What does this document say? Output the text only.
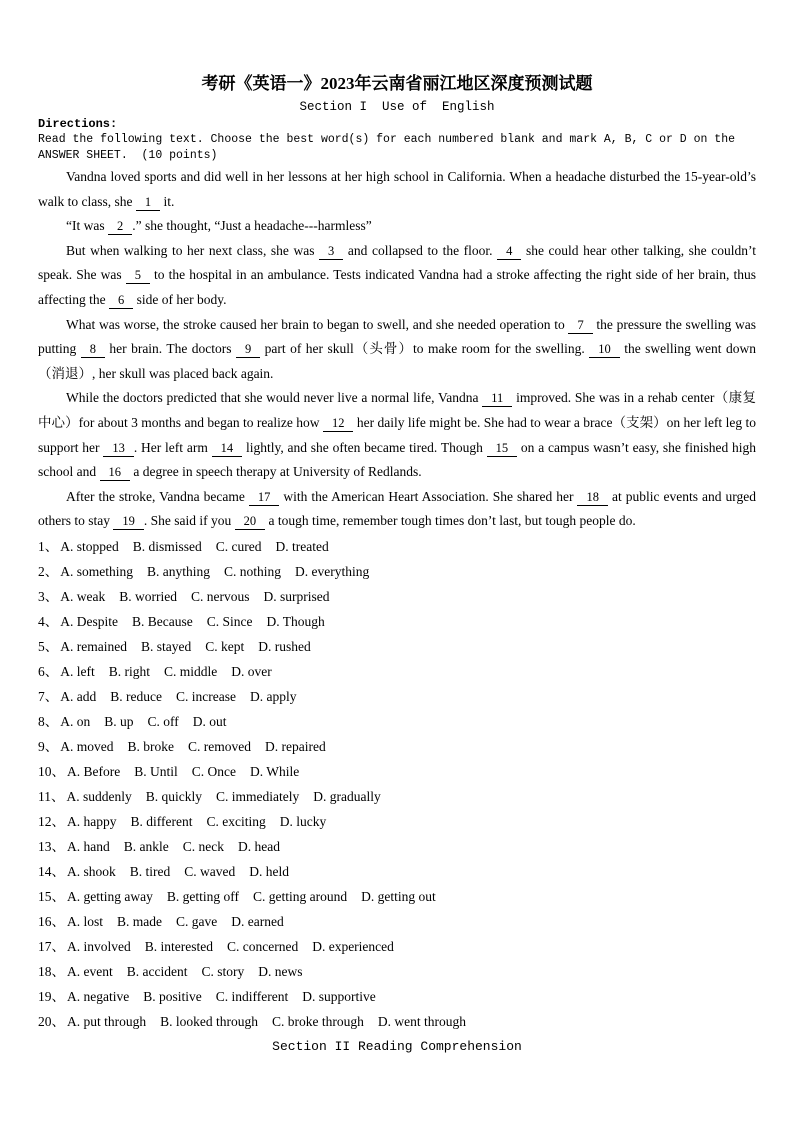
考研《英语一》2023年云南省丽江地区深度预测试题
Section I  Use of  English
Directions:
Read the following text. Choose the best word(s) for each numbered blank and mark A, B, C or D on the ANSWER SHEET.  (10 points)

Vandna loved sports and did well in her lessons at her high school in California. When a headache disturbed the 15-year-old’s walk to class, she 1 it.

“It was 2 .” she thought, “Just a headache---harmless”

But when walking to her next class, she was 3 and collapsed to the floor. 4 she could hear other talking, she couldn’t speak. She was 5 to the hospital in an ambulance. Tests indicated Vandna had a stroke affecting the right side of her brain, thus affecting the 6 side of her body.

What was worse, the stroke caused her brain to began to swell, and she needed operation to 7 the pressure the swelling was putting 8 her brain. The doctors 9 part of her skull（头骨）to make room for the swelling. 10 the swelling went down（消退）, her skull was placed back again.

While the doctors predicted that she would never live a normal life, Vandna 11 improved. She was in a rehab center（康复中心）for about 3 months and began to realize how 12 her daily life might be. She had to wear a brace（支架）on her left leg to support her 13 . Her left arm 14 lightly, and she often became tired. Though 15 on a campus wasn’t easy, she finished high school and 16 a degree in speech therapy at University of Redlands.

After the stroke, Vandna became 17 with the American Heart Association. She shared her 18 at public events and urged others to stay 19 . She said if you 20 a tough time, remember tough times don’t last, but tough people do.

1、 A. stopped B. dismissed C. cured D. treated
2、 A. something B. anything C. nothing D. everything
3、 A. weak B. worried C. nervous D. surprised
4、 A. Despite B. Because C. Since D. Though
5、 A. remained B. stayed C. kept D. rushed
6、 A. left B. right C. middle D. over
7、 A. add B. reduce C. increase D. apply
8、 A. on B. up C. off D. out
9、 A. moved B. broke C. removed D. repaired
10、 A. Before B. Until C. Once D. While
11、 A. suddenly B. quickly C. immediately D. gradually
12、 A. happy B. different C. exciting D. lucky
13、 A. hand B. ankle C. neck D. head
14、 A. shook B. tired C. waved D. held
15、 A. getting away B. getting off C. getting around D. getting out
16、 A. lost B. made C. gave D. earned
17、 A. involved B. interested C. concerned D. experienced
18、 A. event B. accident C. story D. news
19、 A. negative B. positive C. indifferent D. supportive
20、 A. put through B. looked through C. broke through D. went through
Section II Reading Comprehension
